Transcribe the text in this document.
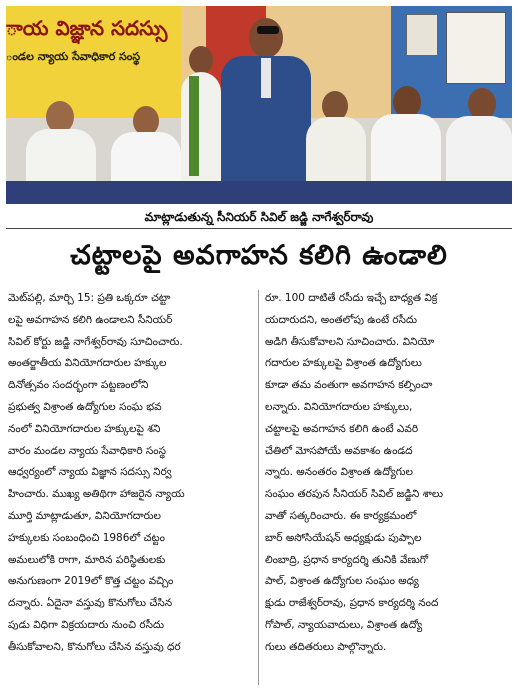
ాయ విజ్ఞాన సదస్సు
ండల న్యాయ సేవాధికార సంస్థ
మాట్లాడుతున్న సీనియర్ సివిల్ జడ్జి నాగేశ్వర్‌రావు
చట్టాలపై అవగాహన కలిగి ఉండాలి
మెట్‌పల్లి, మార్చి 15: ప్రతి ఒక్కరూ చట్టా
లపై అవగాహన కలిగి ఉండాలని సీనియర్
సివిల్ కోర్టు జడ్జి నాగేశ్వర్‌రావు సూచించారు.
అంతర్జాతీయ వినియోగదారుల హక్కుల
దినోత్సవం సందర్భంగా పట్టణంలోని
ప్రభుత్వ విశ్రాంత ఉద్యోగుల సంఘ భవ
నంలో వినియోగదారుల హక్కులపై శని
వారం మండల న్యాయ సేవాధికారి సంస్థ
ఆధ్వర్యంలో న్యాయ విజ్ఞాన సదస్సు నిర్వ
హించారు. ముఖ్య అతిథిగా హాజరైన న్యాయ
మూర్తి మాట్లాడుతూ, వినియోగదారుల
హక్కులకు సంబంధించి 1986లో చట్టం
అమలులోకి రాగా, మారిన పరిస్థితులకు
అనుగుణంగా 2019లో కొత్త చట్టం వచ్చిం
దన్నారు. ఏదైనా వస్తువు కొనుగోలు చేసిన
పుడు విధిగా విక్రయదారు నుంచి రసీదు
తీసుకోవాలని, కొనుగోలు చేసిన వస్తువు ధర
రూ. 100 దాటితే రసీదు ఇచ్చే బాధ్యత విక్ర
యదారుదని, అంతలోపు ఉంటే రసీదు
అడిగి తీసుకోవాలని సూచించారు. వినియో
గదారుల హక్కులపై విశ్రాంత ఉద్యోగులు
కూడా తమ వంతుగా అవగాహన కల్పించా
లన్నారు. వినియోగదారుల హక్కులు,
చట్టాలపై అవగాహన కలిగి ఉంటే ఎవరి
చేతిలో మోసపోయే అవకాశం ఉండద
న్నారు. అనంతరం విశ్రాంత ఉద్యోగుల
సంఘం తరపున సీనియర్ సివిల్ జడ్జిని శాలు
వాతో సత్కరించారు. ఈ కార్యక్రమంలో
బార్ అసోసియేషన్ అధ్యక్షుడు పుప్పాల
లింబాద్రి, ప్రధాన కార్యదర్శి తునికి వేణుగో
పాల్, విశ్రాంత ఉద్యోగుల సంఘం అధ్య
క్షుడు రాజేశ్వర్‌రావు, ప్రధాన కార్యదర్శి నంద
గోపాల్, న్యాయవాదులు, విశ్రాంత ఉద్యో
గులు తదితరులు పాల్గొన్నారు.
